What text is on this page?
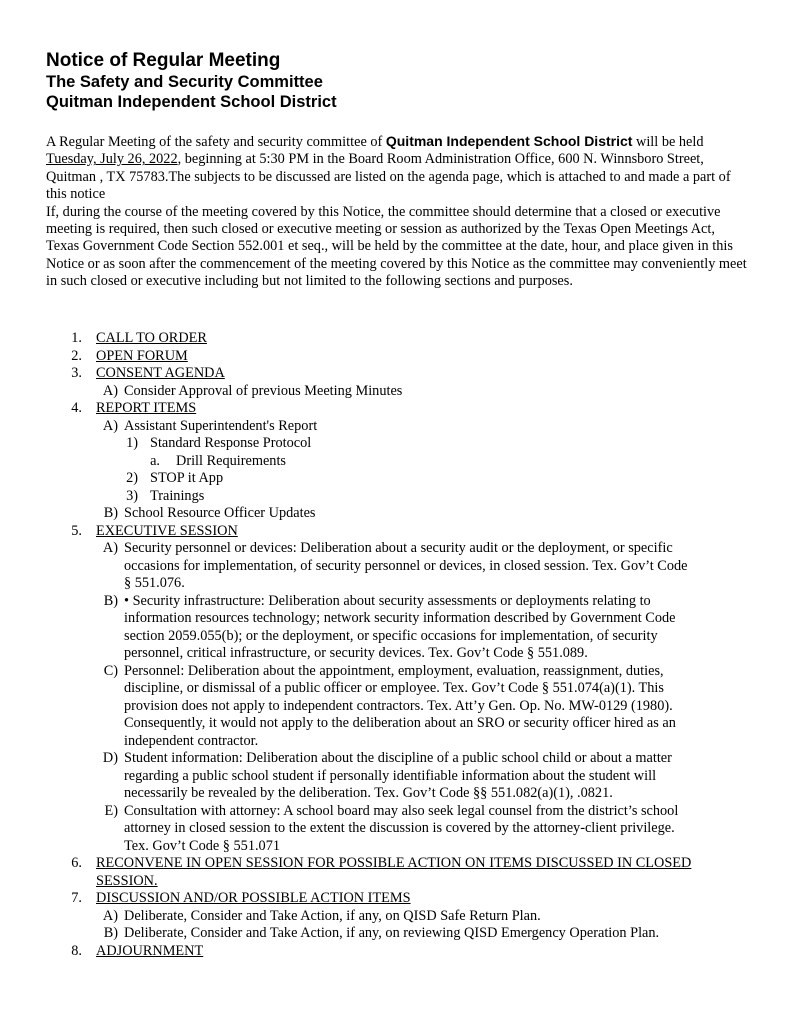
Notice of Regular Meeting
The Safety and Security Committee
Quitman Independent School District
A Regular Meeting of the safety and security committee of Quitman Independent School District will be held Tuesday, July 26, 2022, beginning at 5:30 PM in the Board Room Administration Office, 600 N. Winnsboro Street, Quitman , TX 75783.The subjects to be discussed are listed on the agenda page, which is attached to and made a part of this notice
If, during the course of the meeting covered by this Notice, the committee should determine that a closed or executive meeting is required, then such closed or executive meeting or session as authorized by the Texas Open Meetings Act, Texas Government Code Section 552.001 et seq., will be held by the committee at the date, hour, and place given in this Notice or as soon after the commencement of the meeting covered by this Notice as the committee may conveniently meet in such closed or executive including but not limited to the following sections and purposes.
1. CALL TO ORDER
2. OPEN FORUM
3. CONSENT AGENDA
A) Consider Approval of previous Meeting Minutes
4. REPORT ITEMS
A) Assistant Superintendent's Report
1) Standard Response Protocol
a. Drill Requirements
2) STOP it App
3) Trainings
B) School Resource Officer Updates
5. EXECUTIVE SESSION
A) Security personnel or devices: Deliberation about a security audit or the deployment, or specific
occasions for implementation, of security personnel or devices, in closed session. Tex. Gov’t Code
§ 551.076.
B) • Security infrastructure: Deliberation about security assessments or deployments relating to
information resources technology; network security information described by Government Code
section 2059.055(b); or the deployment, or specific occasions for implementation, of security
personnel, critical infrastructure, or security devices. Tex. Gov’t Code § 551.089.
C) Personnel: Deliberation about the appointment, employment, evaluation, reassignment, duties,
discipline, or dismissal of a public officer or employee. Tex. Gov’t Code § 551.074(a)(1). This
provision does not apply to independent contractors. Tex. Att’y Gen. Op. No. MW-0129 (1980).
Consequently, it would not apply to the deliberation about an SRO or security officer hired as an
independent contractor.
D) Student information: Deliberation about the discipline of a public school child or about a matter
regarding a public school student if personally identifiable information about the student will
necessarily be revealed by the deliberation. Tex. Gov’t Code §§ 551.082(a)(1), .0821.
E) Consultation with attorney: A school board may also seek legal counsel from the district’s school
attorney in closed session to the extent the discussion is covered by the attorney-client privilege.
Tex. Gov’t Code § 551.071
6. RECONVENE IN OPEN SESSION FOR POSSIBLE ACTION ON ITEMS DISCUSSED IN CLOSED
SESSION.
7. DISCUSSION AND/OR POSSIBLE ACTION ITEMS
A) Deliberate, Consider and Take Action, if any, on QISD Safe Return Plan.
B) Deliberate, Consider and Take Action, if any, on reviewing QISD Emergency Operation Plan.
8. ADJOURNMENT
